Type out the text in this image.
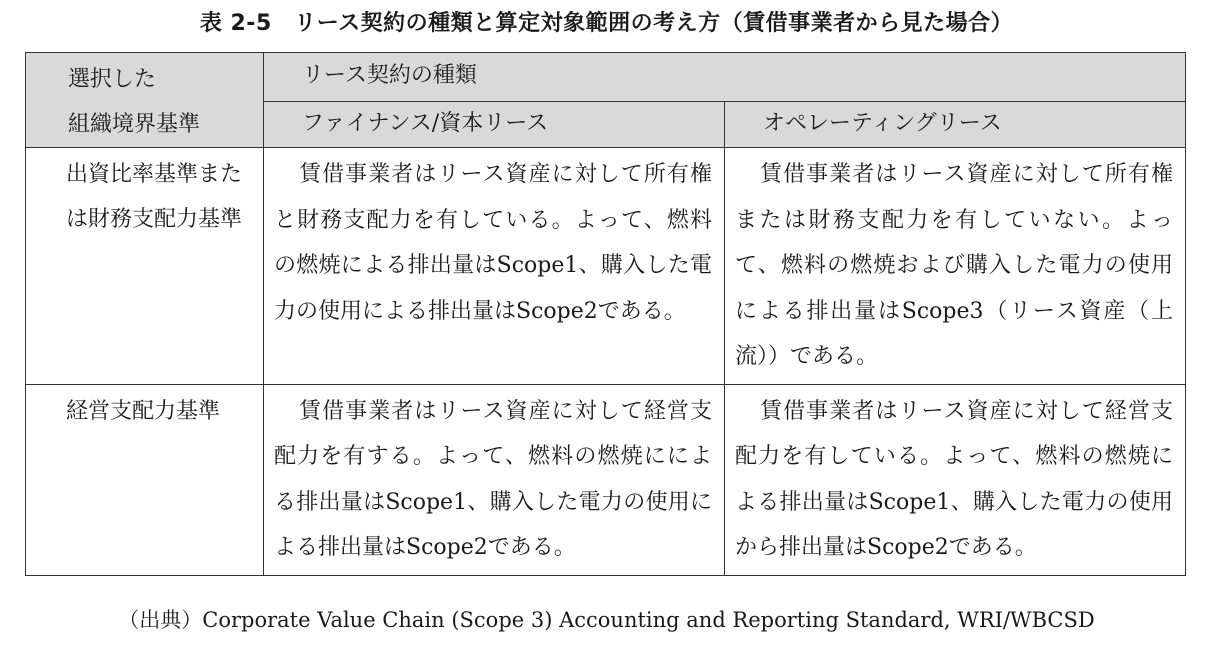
表 2-5　リース契約の種類と算定対象範囲の考え方（賃借事業者から見た場合）
選択した
組織境界基準	リース契約の種類	
	ファイナンス/資本リース	オペレーティングリース
出資比率基準または財務支配力基準	賃借事業者はリース資産に対して所有権と財務支配力を有している。よって、燃料の燃焼による排出量はScope1、購入した電力の使用による排出量はScope2である。	賃借事業者はリース資産に対して所有権または財務支配力を有していない。よって、燃料の燃焼および購入した電力の使用による排出量はScope3（リース資産（上流））である。
経営支配力基準	賃借事業者はリース資産に対して経営支配力を有する。よって、燃料の燃焼にによる排出量はScope1、購入した電力の使用による排出量はScope2である。	賃借事業者はリース資産に対して経営支配力を有している。よって、燃料の燃焼による排出量はScope1、購入した電力の使用から排出量はScope2である。
（出典）Corporate Value Chain (Scope 3) Accounting and Reporting Standard, WRI/WBCSD
